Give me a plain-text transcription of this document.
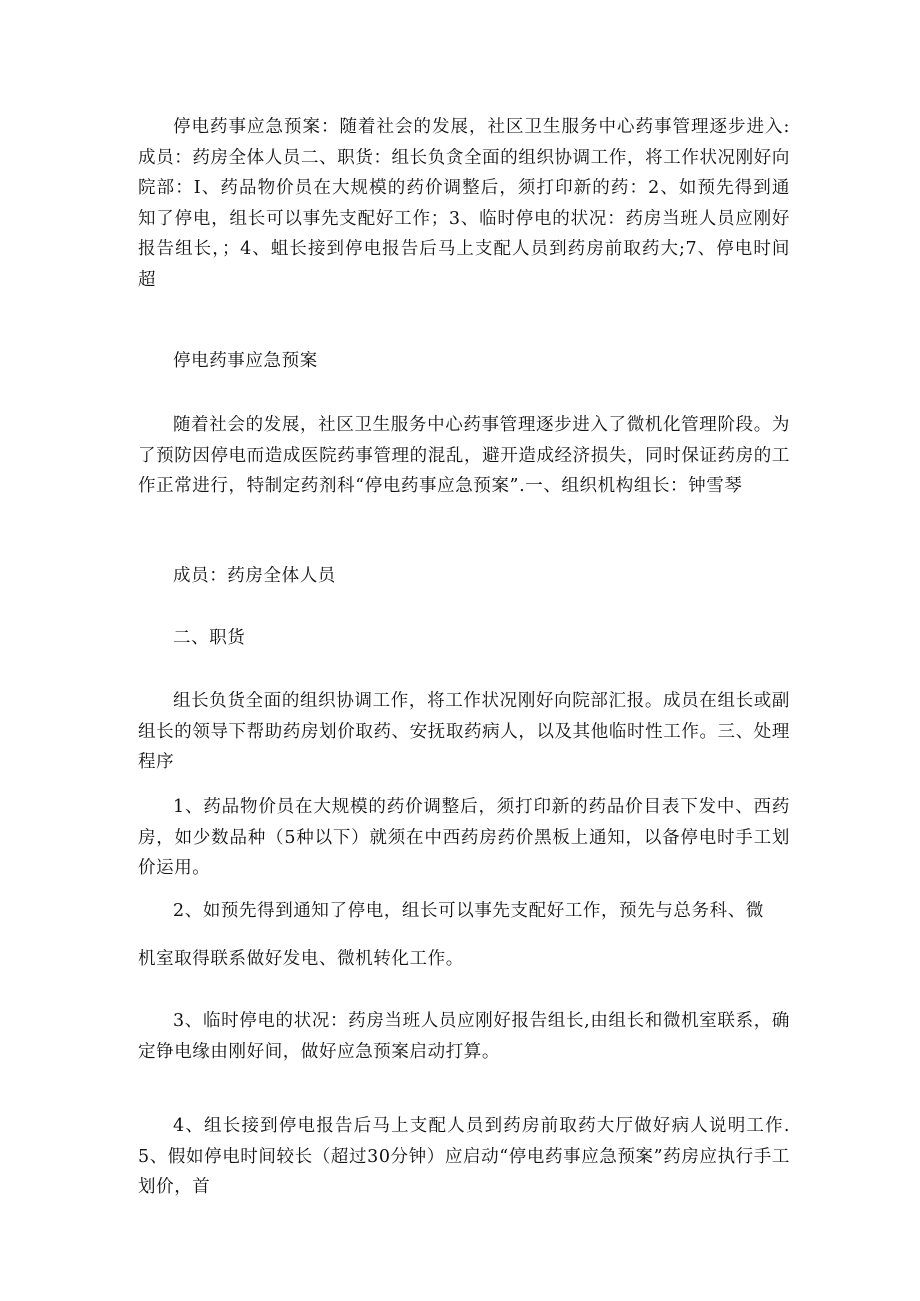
停电药事应急预案：随着社会的发展，社区卫生服务中心药事管理逐步进入:成员：药房全体人员二、职货：组长负贪全面的组织协调工作，将工作状况刚好向院部：I、药品物价员在大规模的药价调整后，须打印新的药：2、如预先得到通知了停电，组长可以事先支配好工作；3、临时停电的状况：药房当班人员应刚好报告组长，；4、蛆长接到停电报告后马上支配人员到药房前取药大;7、停电时间超

停电药事应急预案

随着社会的发展，社区卫生服务中心药事管理逐步进入了微机化管理阶段。为了预防因停电而造成医院药事管理的混乱，避开造成经济损失，同时保证药房的工作正常进行，特制定药剂科“停电药事应急预案”.一、组织机构组长：钟雪琴

成员：药房全体人员

二、职货

组长负货全面的组织协调工作，将工作状况刚好向院部汇报。成员在组长或副组长的领导下帮助药房划价取药、安抚取药病人，以及其他临时性工作。三、处理程序

1、药品物价员在大规模的药价调整后，须打印新的药品价目表下发中、西药房，如少数品种（5种以下）就须在中西药房药价黑板上通知，以备停电时手工划价运用。

2、如预先得到通知了停电，组长可以事先支配好工作，预先与总务科、微

机室取得联系做好发电、微机转化工作。

3、临时停电的状况：药房当班人员应刚好报告组长,由组长和微机室联系，确定铮电缘由刚好间，做好应急预案启动打算。

4、组长接到停电报告后马上支配人员到药房前取药大厅做好病人说明工作.5、假如停电时间较长（超过30分钟）应启动“停电药事应急预案”药房应执行手工划价，首
